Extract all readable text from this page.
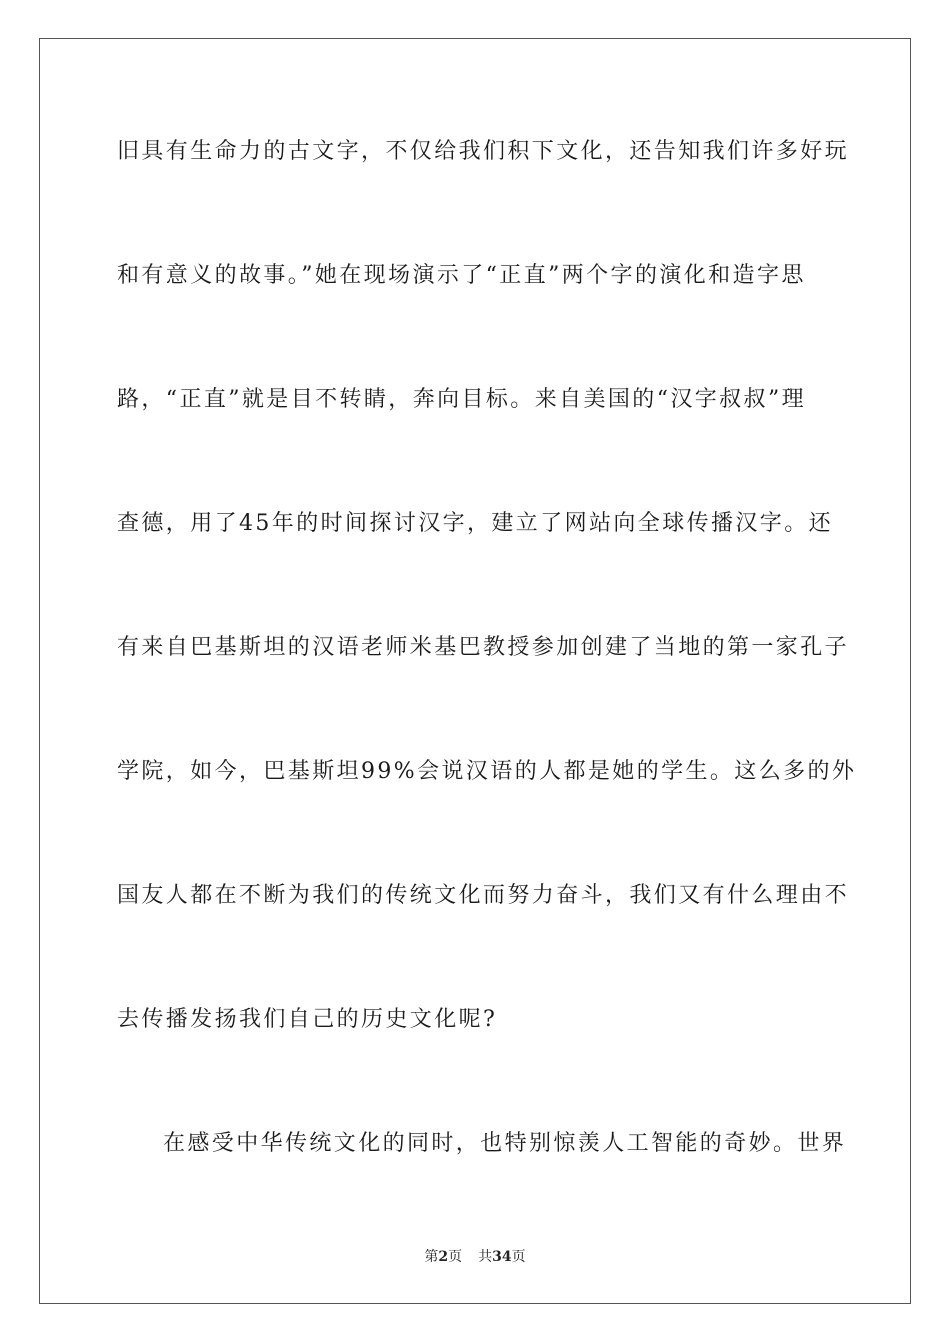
旧具有生命力的古文字，不仅给我们积下文化，还告知我们许多好玩
和有意义的故事。”她在现场演示了“正直”两个字的演化和造字思
路，“正直”就是目不转睛，奔向目标。来自美国的“汉字叔叔”理
查德，用了45年的时间探讨汉字，建立了网站向全球传播汉字。还
有来自巴基斯坦的汉语老师米基巴教授参加创建了当地的第一家孔子
学院，如今，巴基斯坦99%会说汉语的人都是她的学生。这么多的外
国友人都在不断为我们的传统文化而努力奋斗，我们又有什么理由不
去传播发扬我们自己的历史文化呢?
在感受中华传统文化的同时，也特别惊羡人工智能的奇妙。世界
第2页 共34页
